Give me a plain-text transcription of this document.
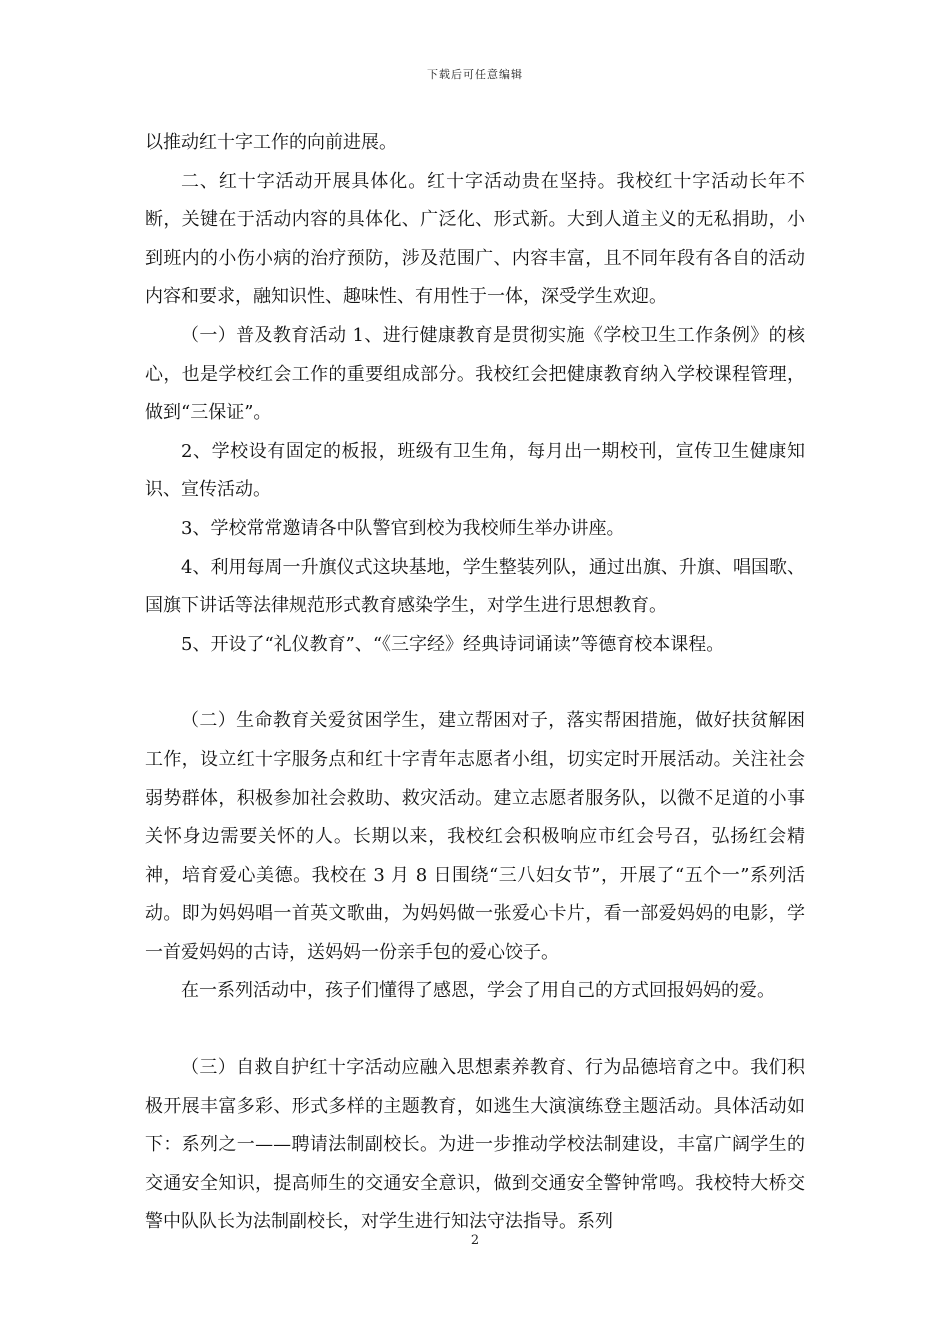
下载后可任意编辑

以推动红十字工作的向前进展。

二、红十字活动开展具体化。红十字活动贵在坚持。我校红十字活动长年不断，关键在于活动内容的具体化、广泛化、形式新。大到人道主义的无私捐助，小到班内的小伤小病的治疗预防，涉及范围广、内容丰富，且不同年段有各自的活动内容和要求，融知识性、趣味性、有用性于一体，深受学生欢迎。

（一）普及教育活动 1、进行健康教育是贯彻实施《学校卫生工作条例》的核心，也是学校红会工作的重要组成部分。我校红会把健康教育纳入学校课程管理，做到“三保证”。

2、学校设有固定的板报，班级有卫生角，每月出一期校刊，宣传卫生健康知识、宣传活动。

3、学校常常邀请各中队警官到校为我校师生举办讲座。

4、利用每周一升旗仪式这块基地，学生整装列队，通过出旗、升旗、唱国歌、国旗下讲话等法律规范形式教育感染学生，对学生进行思想教育。

5、开设了“礼仪教育”、“《三字经》经典诗词诵读”等德育校本课程。

（二）生命教育关爱贫困学生，建立帮困对子，落实帮困措施，做好扶贫解困工作，设立红十字服务点和红十字青年志愿者小组，切实定时开展活动。关注社会弱势群体，积极参加社会救助、救灾活动。建立志愿者服务队，以微不足道的小事关怀身边需要关怀的人。长期以来，我校红会积极响应市红会号召，弘扬红会精神，培育爱心美德。我校在 3 月 8 日围绕“三八妇女节”，开展了“五个一”系列活动。即为妈妈唱一首英文歌曲，为妈妈做一张爱心卡片，看一部爱妈妈的电影，学一首爱妈妈的古诗，送妈妈一份亲手包的爱心饺子。

在一系列活动中，孩子们懂得了感恩，学会了用自己的方式回报妈妈的爱。

（三）自救自护红十字活动应融入思想素养教育、行为品德培育之中。我们积极开展丰富多彩、形式多样的主题教育，如逃生大演演练登主题活动。具体活动如下：系列之一——聘请法制副校长。为进一步推动学校法制建设，丰富广阔学生的交通安全知识，提高师生的交通安全意识，做到交通安全警钟常鸣。我校特大桥交警中队队长为法制副校长，对学生进行知法守法指导。系列

2
